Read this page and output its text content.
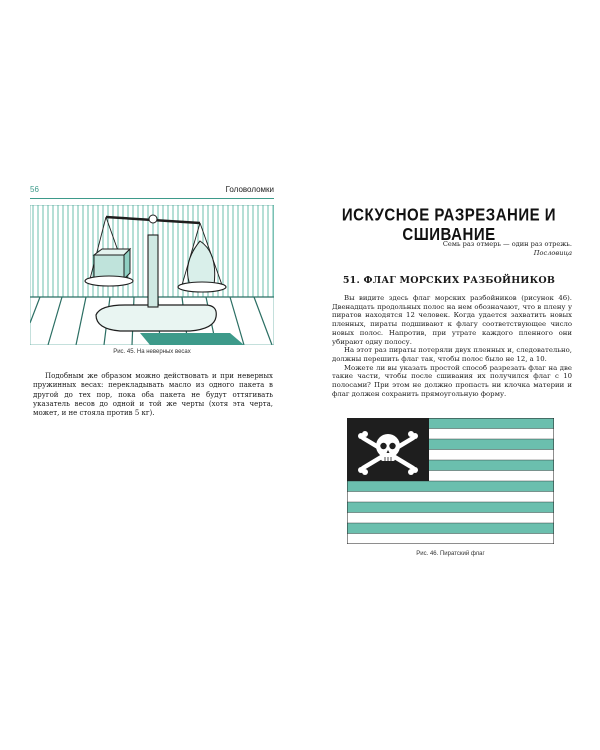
56	Головоломки
Рис. 45. На неверных весах

Подобным же образом можно действовать и при неверных пружинных весах: перекладывать масло из одного пакета в другой до тех пор, пока оба пакета не будут оттягивать указатель весов до одной и той же черты (хотя эта черта, может, и не стояла против 5 кг).

ИСКУСНОЕ РАЗРЕЗАНИЕ И СШИВАНИЕ
Семь раз отмерь — один раз отрежь.
Пословица
51. ФЛАГ МОРСКИХ РАЗБОЙНИКОВ

Вы видите здесь флаг морских разбойников (рисунок 46). Двенадцать продольных полос на нем обозначают, что в плену у пиратов находятся 12 человек. Когда удается захватить новых пленных, пираты подшивают к флагу соответствующее число новых полос. Напротив, при утрате каждого пленного они убирают одну полосу.

На этот раз пираты потеряли двух пленных и, следовательно, должны перешить флаг так, чтобы полос было не 12, а 10.

Можете ли вы указать простой способ разрезать флаг на две такие части, чтобы после сшивания их получился флаг с 10 полосами? При этом не должно пропасть ни клочка материи и флаг должен сохранить прямоугольную форму.

Рис. 46. Пиратский флаг
